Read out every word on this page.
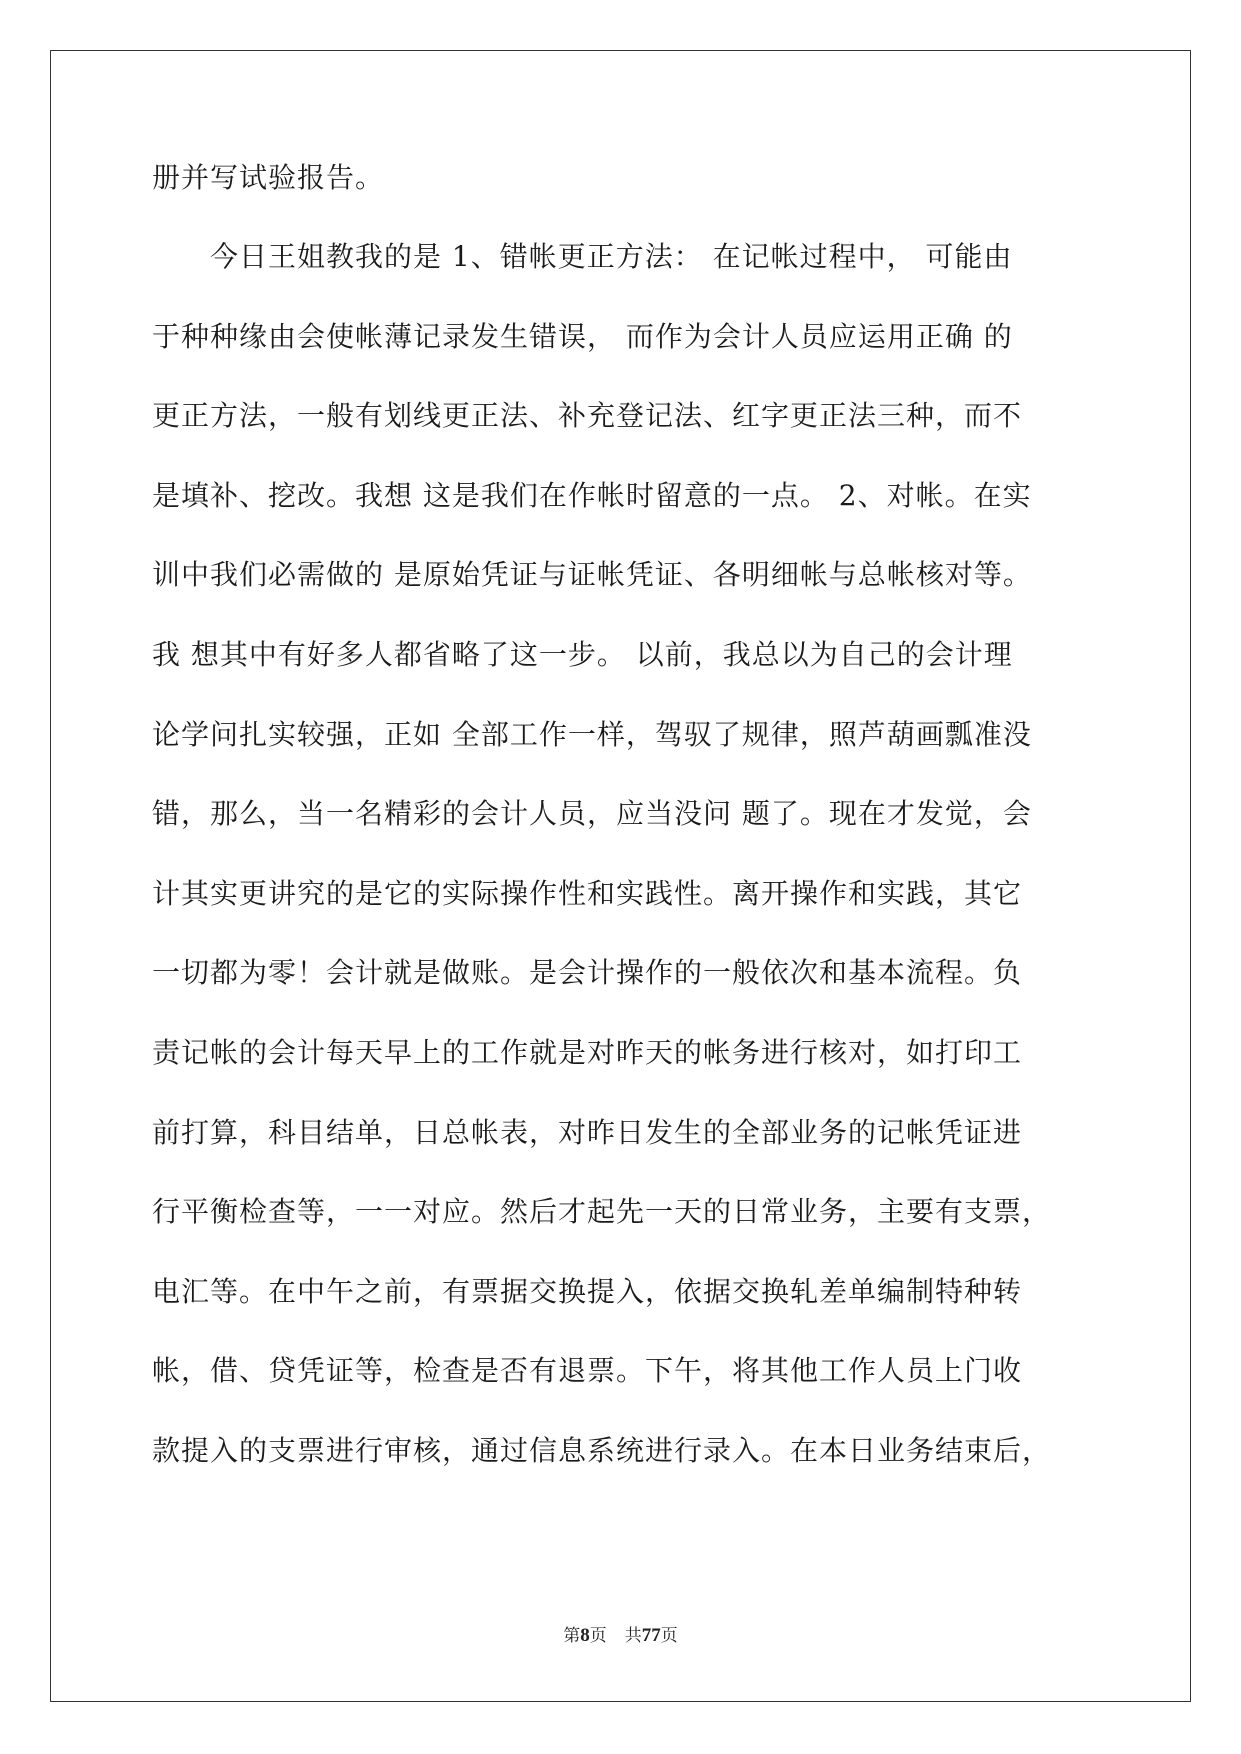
册并写试验报告。
　　今日王姐教我的是 1、错帐更正方法： 在记帐过程中， 可能由
于种种缘由会使帐薄记录发生错误， 而作为会计人员应运用正确 的
更正方法，一般有划线更正法、补充登记法、红字更正法三种，而不
是填补、挖改。我想 这是我们在作帐时留意的一点。 2、对帐。在实
训中我们必需做的 是原始凭证与证帐凭证、各明细帐与总帐核对等。
我 想其中有好多人都省略了这一步。 以前，我总以为自己的会计理
论学问扎实较强，正如 全部工作一样，驾驭了规律，照芦葫画瓢准没
错，那么，当一名精彩的会计人员，应当没问 题了。现在才发觉，会
计其实更讲究的是它的实际操作性和实践性。离开操作和实践，其它
一切都为零！会计就是做账。是会计操作的一般依次和基本流程。负
责记帐的会计每天早上的工作就是对昨天的帐务进行核对，如打印工
前打算，科目结单，日总帐表，对昨日发生的全部业务的记帐凭证进
行平衡检查等，一一对应。然后才起先一天的日常业务，主要有支票，
电汇等。在中午之前，有票据交换提入，依据交换轧差单编制特种转
帐，借、贷凭证等，检查是否有退票。下午，将其他工作人员上门收
款提入的支票进行审核，通过信息系统进行录入。在本日业务结束后，
第8页 共77页
